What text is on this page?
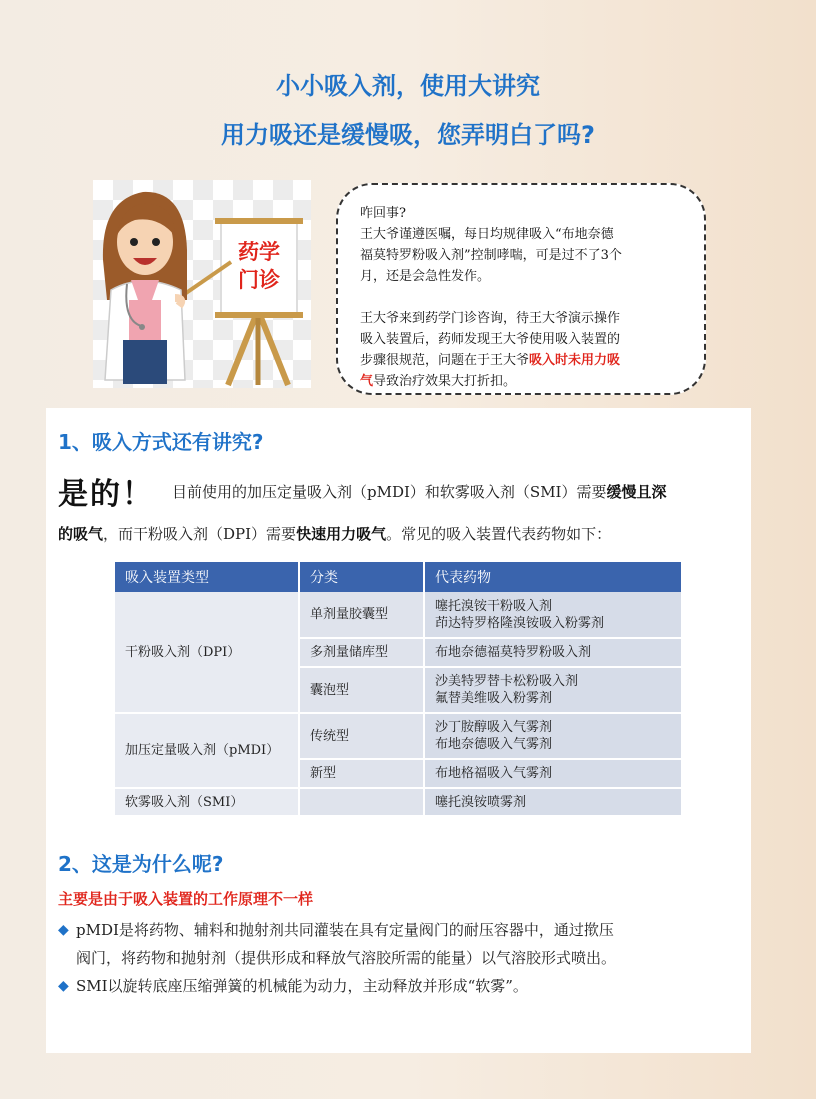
小小吸入剂，使用大讲究
用力吸还是缓慢吸，您弄明白了吗?
药学
门诊

咋回事?

王大爷谨遵医嘱，每日均规律吸入“布地奈德

福莫特罗粉吸入剂”控制哮喘，可是过不了3个

月，还是会急性发作。

王大爷来到药学门诊咨询，待王大爷演示操作

吸入装置后，药师发现王大爷使用吸入装置的

步骤很规范，问题在于王大爷吸入时未用力吸

气导致治疗效果大打折扣。

1、吸入方式还有讲究?
是的！ 目前使用的加压定量吸入剂（pMDI）和软雾吸入剂（SMI）需要 缓慢且深
的吸气 ，而干粉吸入剂（DPI）需要 快速用力吸气 。常见的吸入装置代表药物如下：
吸入装置类型	分类	代表药物
干粉吸入剂（DPI）	单剂量胶囊型	噻托溴铵干粉吸入剂
茚达特罗格隆溴铵吸入粉雾剂

	多剂量储库型	布地奈德福莫特罗粉吸入剂

	囊泡型	沙美特罗替卡松粉吸入剂
氟替美维吸入粉雾剂

加压定量吸入剂（pMDI）	传统型	沙丁胺醇吸入气雾剂
布地奈德吸入气雾剂

	新型	布地格福吸入气雾剂

软雾吸入剂（SMI）		噻托溴铵喷雾剂
2、这是为什么呢?
主要是由于吸入装置的工作原理不一样
◆ pMDI是将药物、辅料和抛射剂共同灌装在具有定量阀门的耐压容器中，通过揿压
阀门，将药物和抛射剂（提供形成和释放气溶胶所需的能量）以气溶胶形式喷出。
◆ SMI以旋转底座压缩弹簧的机械能为动力，主动释放并形成“软雾”。
